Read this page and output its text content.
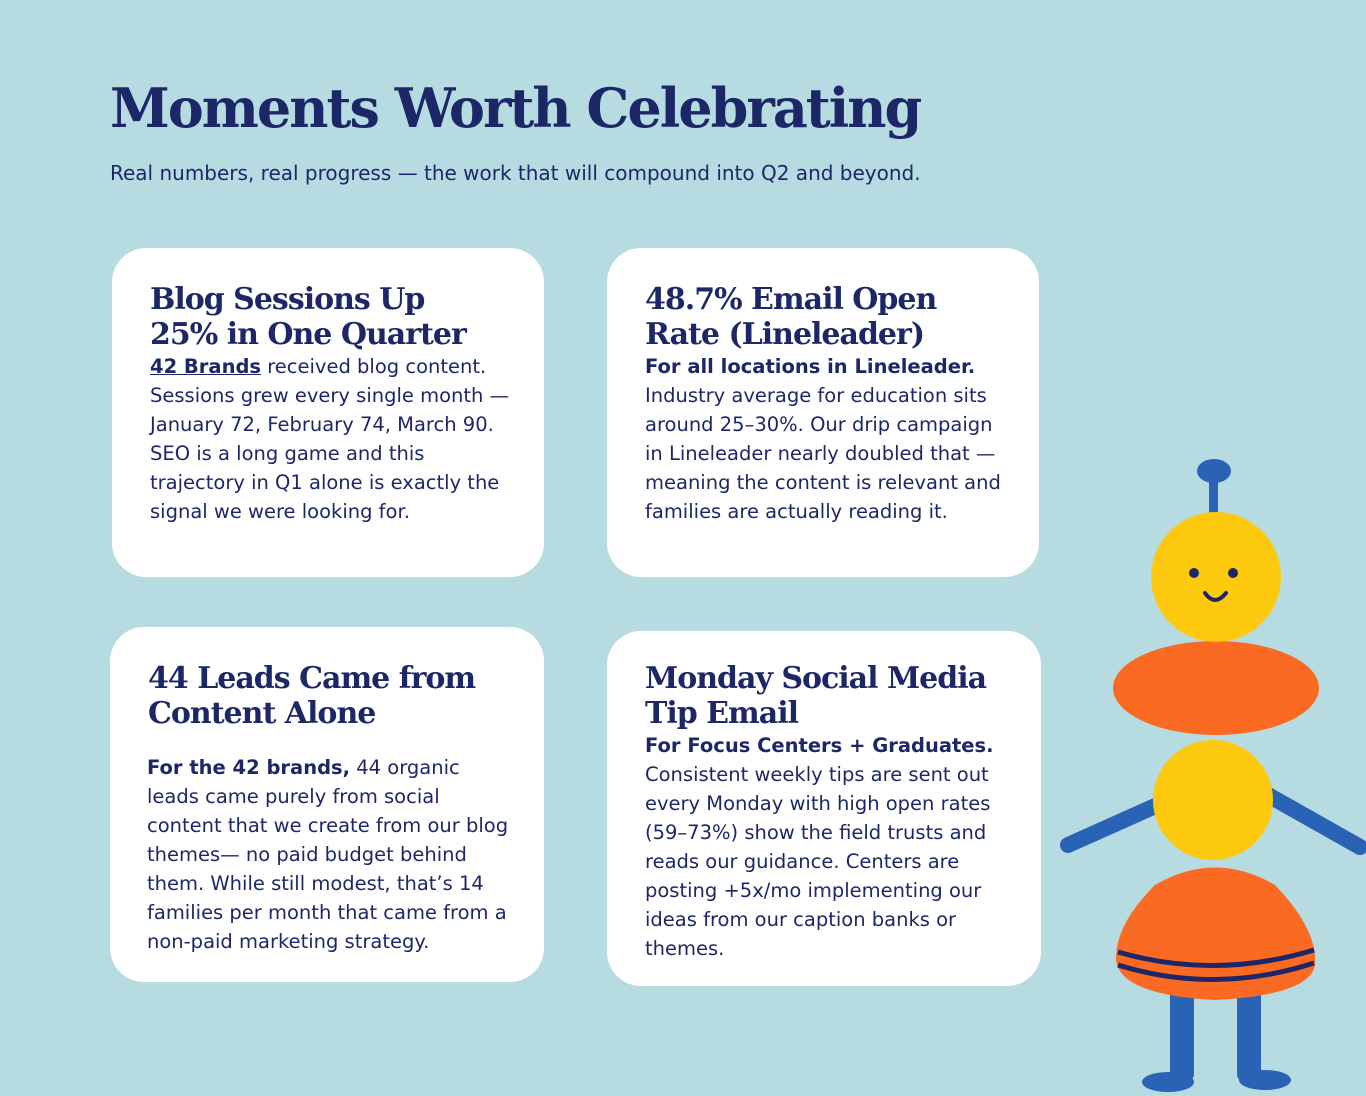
Moments Worth Celebrating

Real numbers, real progress — the work that will compound into Q2 and beyond.

Blog Sessions Up
25% in One Quarter

42 Brands received blog content. Sessions grew every single month — January 72, February 74, March 90. SEO is a long game and this trajectory in Q1 alone is exactly the signal we were looking for.

48.7% Email Open
Rate (Lineleader)

For all locations in Lineleader. Industry average for education sits around 25–30%. Our drip campaign in Lineleader nearly doubled that — meaning the content is relevant and families are actually reading it.

44 Leads Came from
Content Alone

For the 42 brands, 44 organic leads came purely from social content that we create from our blog themes— no paid budget behind them. While still modest, that’s 14 families per month that came from a non-paid marketing strategy.

Monday Social Media
Tip Email

For Focus Centers + Graduates. Consistent weekly tips are sent out every Monday with high open rates (59–73%) show the field trusts and reads our guidance. Centers are posting +5x/mo implementing our ideas from our caption banks or themes.
